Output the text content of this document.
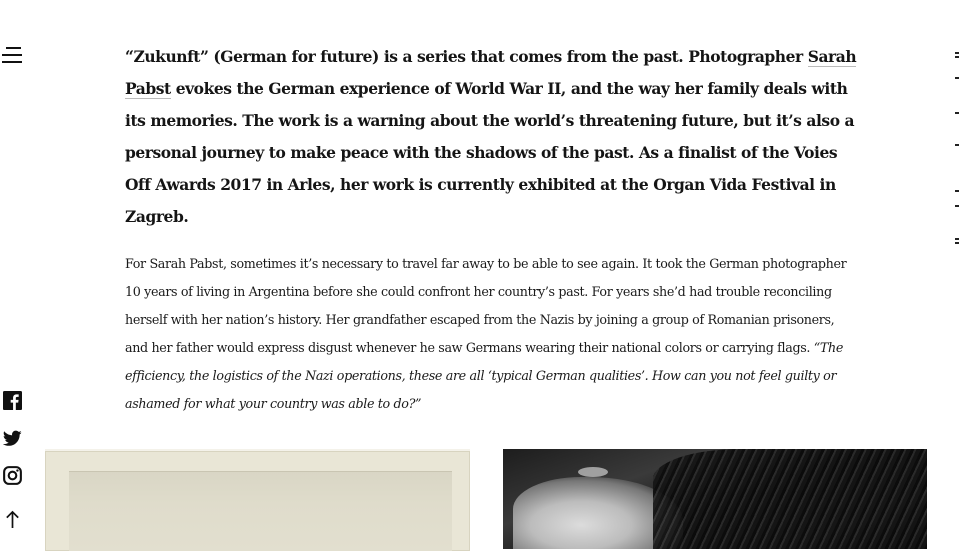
“Zukunft” (German for future) is a series that comes from the past. Photographer Sarah Pabst evokes the German experience of World War II, and the way her family deals with its memories. The work is a warning about the world’s threatening future, but it’s also a personal journey to make peace with the shadows of the past. As a finalist of the Voies Off Awards 2017 in Arles, her work is currently exhibited at the Organ Vida Festival in Zagreb.

For Sarah Pabst, sometimes it’s necessary to travel far away to be able to see again. It took the German photographer 10 years of living in Argentina before she could confront her country’s past. For years she’d had trouble reconciling herself with her nation’s history. Her grandfather escaped from the Nazis by joining a group of Romanian prisoners, and her father would express disgust whenever he saw Germans wearing their national colors or carrying flags. “The efficiency, the logistics of the Nazi operations, these are all ‘typical German qualities’. How can you not feel guilty or ashamed for what your country was able to do?”
